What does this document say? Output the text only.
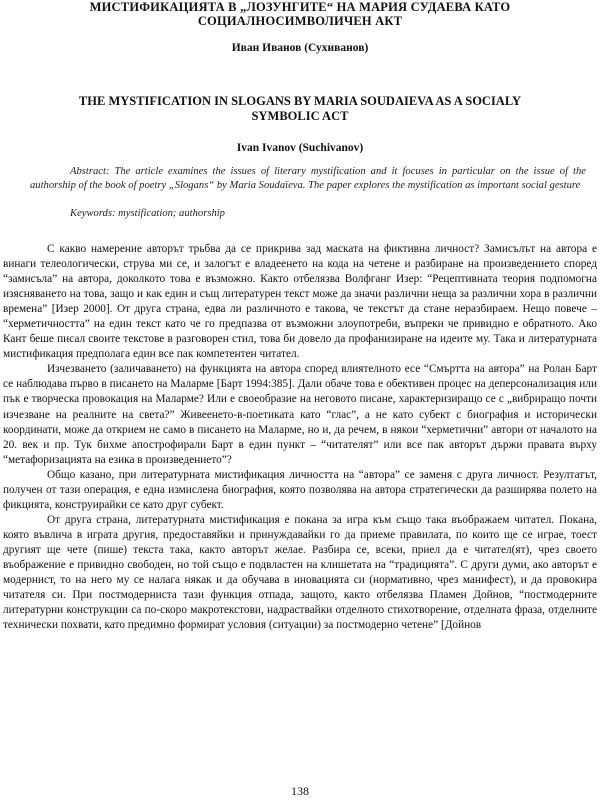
МИСТИФИКАЦИЯТА В „ЛОЗУНГИТЕ“ НА МАРИЯ СУДАЕВА КАТО
СОЦИАЛНОСИМВОЛИЧЕН АКТ
Иван Иванов (Сухиванов)
THE MYSTIFICATION IN SLOGANS BY MARIA SOUDAIEVA AS A SOCIALY
SYMBOLIC ACT
Ivan Ivanov (Suchivanov)
Abstract: The article examines the issues of literary mystification and it focuses in particular on the issue of the authorship of the book of poetry „Slogans“ by Maria Soudaïeva. The paper explores the mystification as important social gesture
Keywords: mystification; authorship

С какво намерение авторът трьбва да се прикрива зад маската на фиктивна личност? Замисълът на автора е винаги телеологически, струва ми се, и залогът е владеенето на кода на четене и разбиране на произведението според “замисъла” на автора, доколкото това е възможно. Както отбелязва Волфганг Изер: “Рецептивната теория подпомогна изясняването на това, защо и как един и същ литературен текст може да значи различни неща за различни хора в различни времена” [Изер 2000]. От друга страна, едва ли различното е такова, че текстът да стане неразбираем. Нещо повече – “херметичността” на един текст като че го предпазва от възможни злоупотреби, въпреки че привидно е обратното. Ако Кант беше писал своите текстове в разговорен стил, това би довело да профанизиране на идеите му. Така и литературната мистификация предполага един все пак компетентен читател.

Изчезването (заличаването) на функцията на автора според влиятелното есе “Смъртта на автора” на Ролан Барт се наблюдава първо в писането на Маларме [Барт 1994:385]. Дали обаче това е обективен процес на деперсонализация или пък е творческа провокация на Маларме? Или е своеобразие на неговото писане, характеризиращо се с „вибриращо почти изчезване на реалните на света?” Живеенето-в-поетиката като “глас”, а не като субект с биография и исторически координати, може да открием не само в писането на Маларме, но и, да речем, в някои “херметични” автори от началото на 20. век и пр. Тук бихме апострофирали Барт в един пункт – “читателят” или все пак авторът държи правата върху “метафоризацията на езика в произведението”?

Общо казано, при литературната мистификация личността на “автора” се заменя с друга личност. Резултатът, получен от тази операция, е една измислена биография, която позволява на автора стратегически да разширява полето на фикцията, конструирайки се като друг субект.

От друга страна, литературната мистификация е покана за игра към също така въображаем читател. Покана, която въвлича в играта другия, предоставяйки и принуждавайки го да приеме правилата, по които ще се играе, тоест другият ще чете (пише) текста така, както авторът желае. Разбира се, всеки, приел да е читател(ят), чрез своето въображение е привидно свободен, но той също е подвластен на клишетата на “традицията”. С други думи, ако авторът е модернист, то на него му се налага някак и да обучава в иновацията си (нормативно, чрез манифест), и да провокира читателя си. При постмодерниста тази функция отпада, защото, както отбелязва Пламен Дойнов, “постмодерните литературни конструкции са по-скоро макротекстови, надраствайки отделното стихотворение, отделната фраза, отделните технически похвати, като предимно формират условия (ситуации) за постмодерно четене” [Дойнов

138
